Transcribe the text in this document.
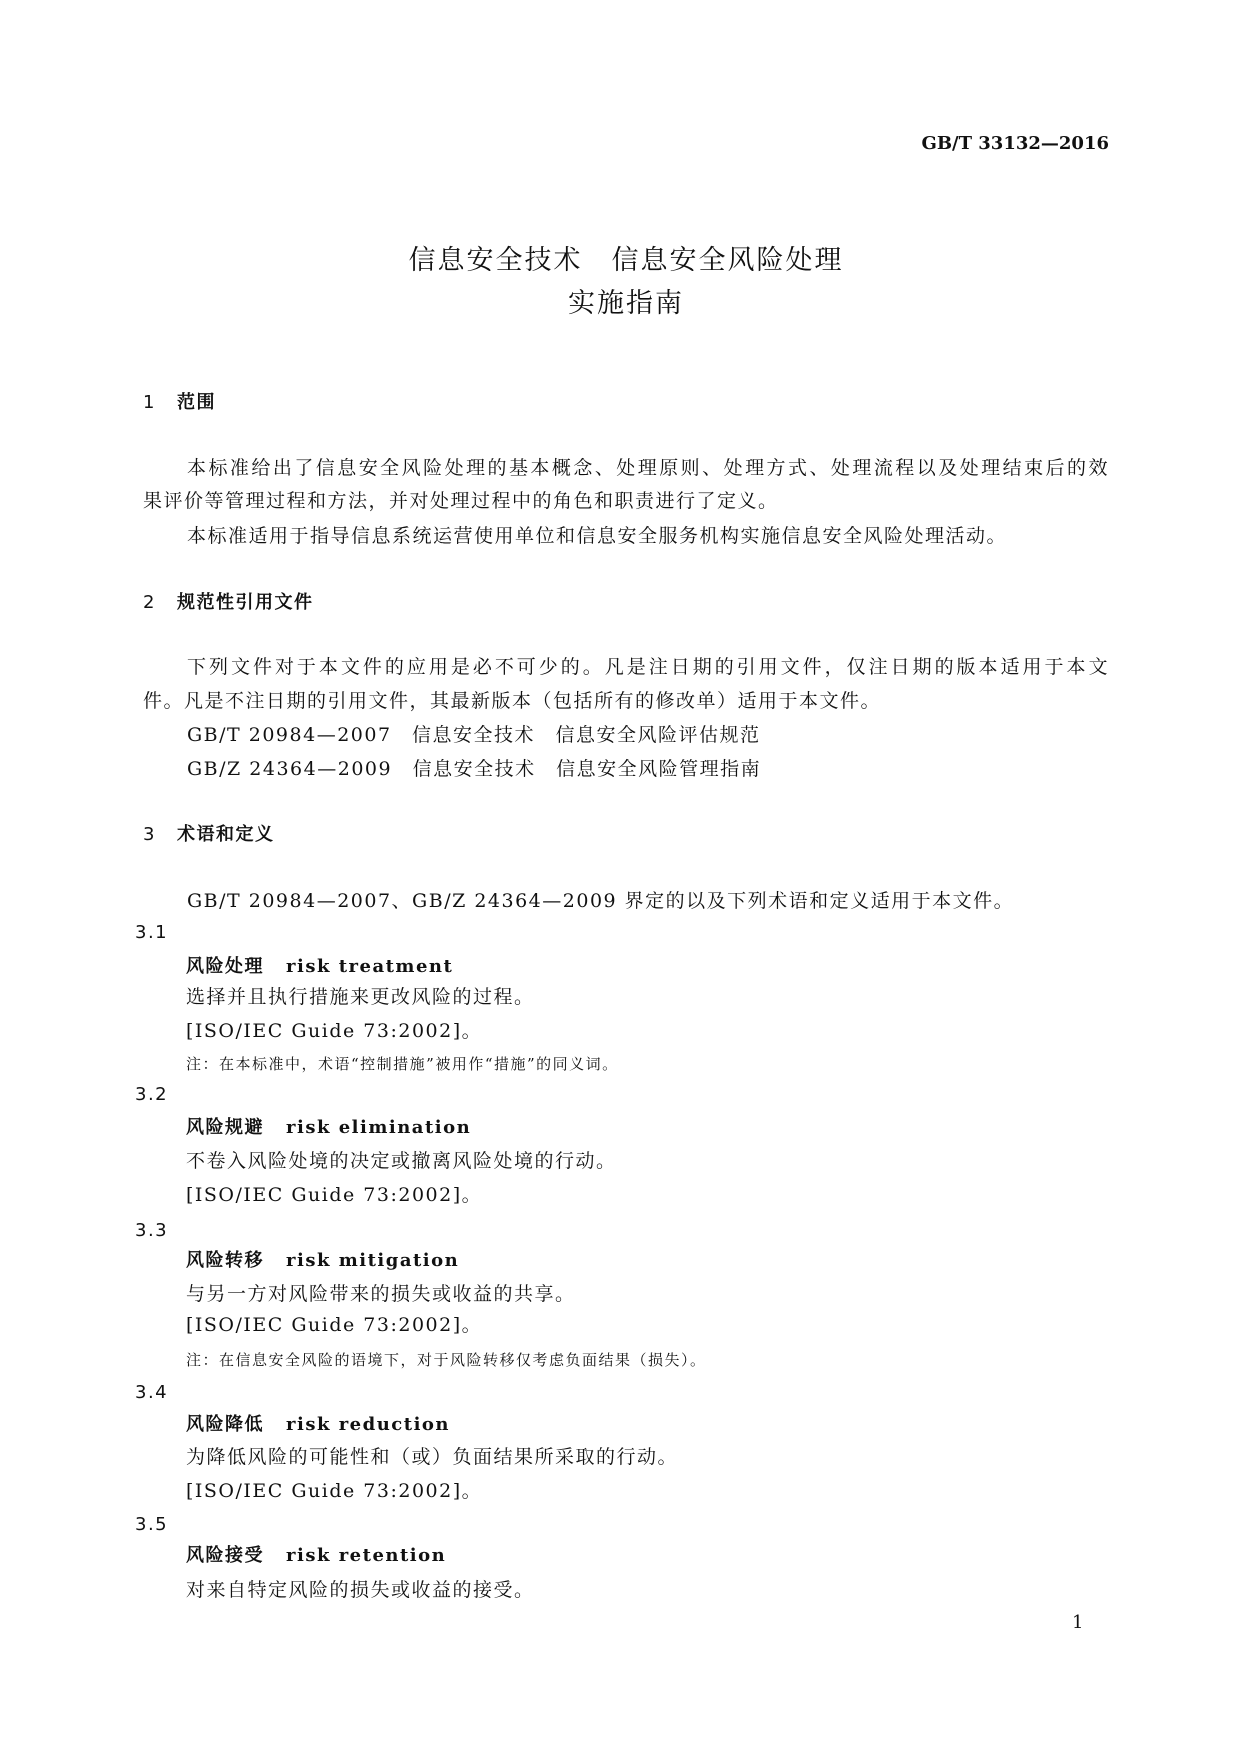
GB/T 33132—2016
信息安全技术　信息安全风险处理
实施指南
1 范围
本标准给出了信息安全风险处理的基本概念、处理原则、处理方式、处理流程以及处理结束后的效
果评价等管理过程和方法，并对处理过程中的角色和职责进行了定义。
本标准适用于指导信息系统运营使用单位和信息安全服务机构实施信息安全风险处理活动。
2 规范性引用文件
下列文件对于本文件的应用是必不可少的。凡是注日期的引用文件，仅注日期的版本适用于本文
件。凡是不注日期的引用文件，其最新版本（包括所有的修改单）适用于本文件。
GB/T 20984—2007　信息安全技术　信息安全风险评估规范
GB/Z 24364—2009　信息安全技术　信息安全风险管理指南
3 术语和定义
GB/T 20984—2007、GB/Z 24364—2009 界定的以及下列术语和定义适用于本文件。
3.1
风险处理 risk treatment
选择并且执行措施来更改风险的过程。
[ISO/IEC Guide 73:2002]。
注：在本标准中，术语“控制措施”被用作“措施”的同义词。
3.2
风险规避 risk elimination
不卷入风险处境的决定或撤离风险处境的行动。
[ISO/IEC Guide 73:2002]。
3.3
风险转移 risk mitigation
与另一方对风险带来的损失或收益的共享。
[ISO/IEC Guide 73:2002]。
注：在信息安全风险的语境下，对于风险转移仅考虑负面结果（损失）。
3.4
风险降低 risk reduction
为降低风险的可能性和（或）负面结果所采取的行动。
[ISO/IEC Guide 73:2002]。
3.5
风险接受 risk retention
对来自特定风险的损失或收益的接受。
1
